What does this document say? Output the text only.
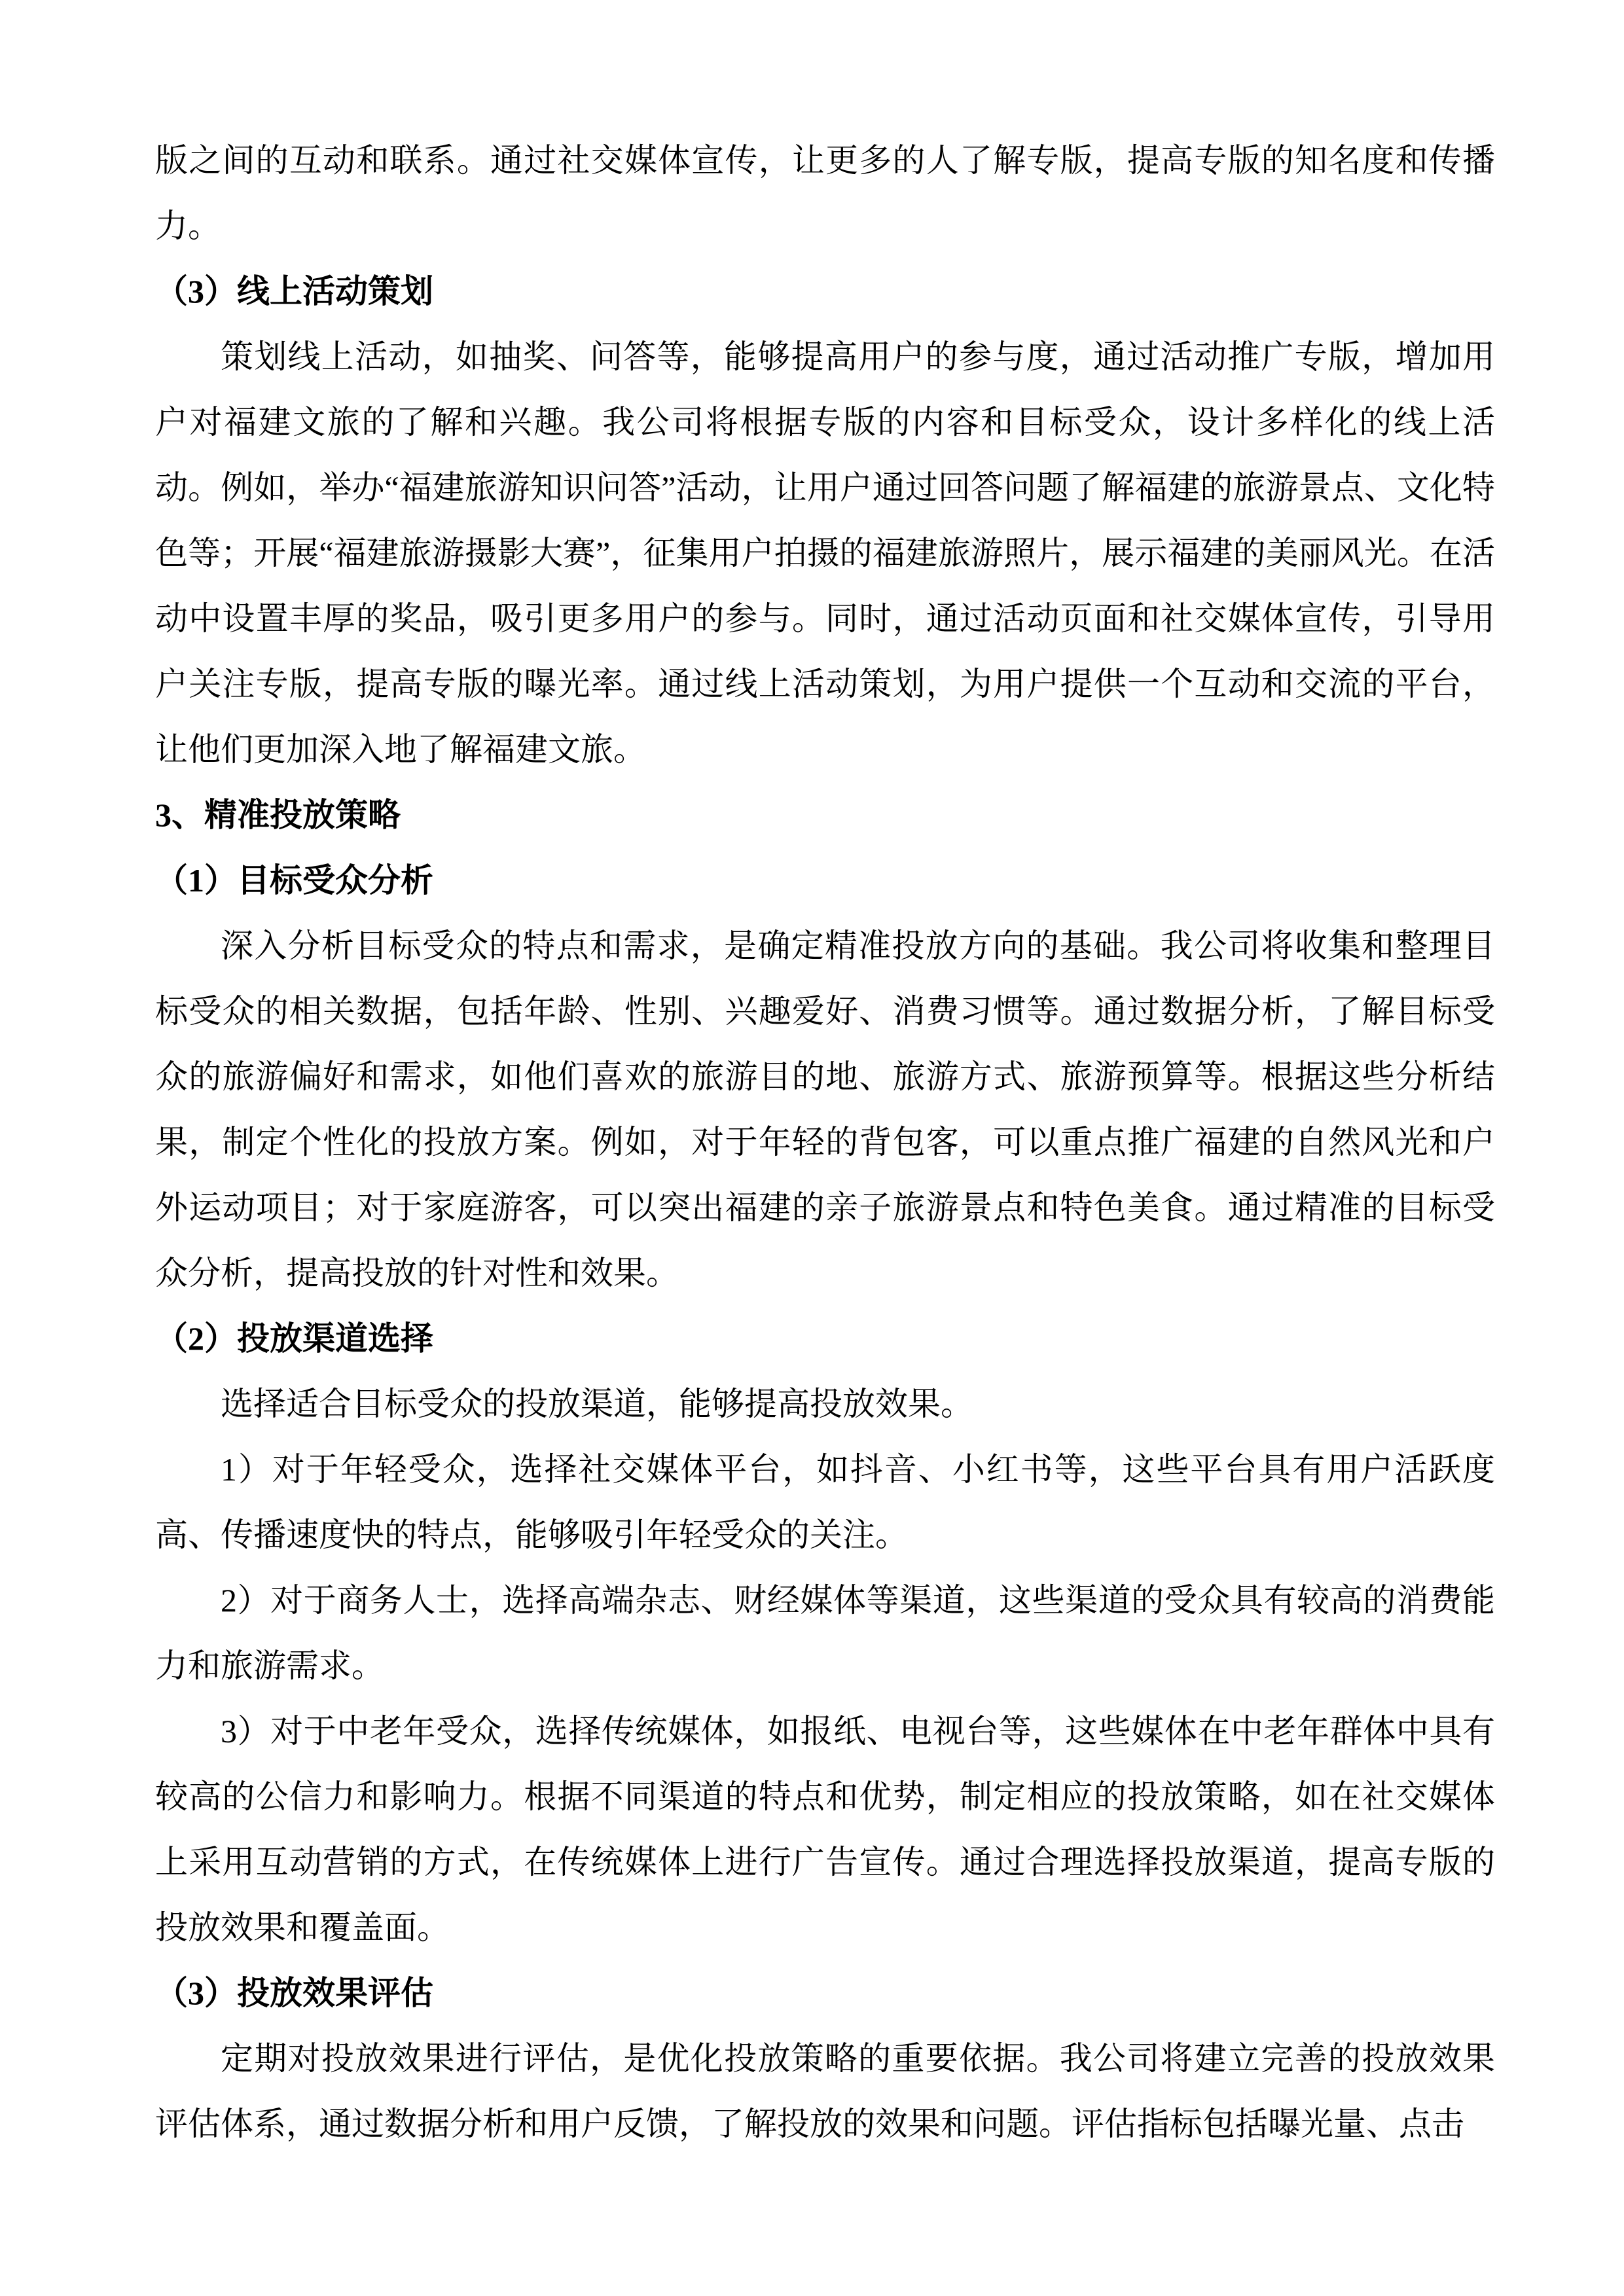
版之间的互动和联系。通过社交媒体宣传，让更多的人了解专版，提高专版的知名度和传播力。

（3）线上活动策划

策划线上活动，如抽奖、问答等，能够提高用户的参与度，通过活动推广专版，增加用户对福建文旅的了解和兴趣。我公司将根据专版的内容和目标受众，设计多样化的线上活动。例如，举办“福建旅游知识问答”活动，让用户通过回答问题了解福建的旅游景点、文化特色等；开展“福建旅游摄影大赛”，征集用户拍摄的福建旅游照片，展示福建的美丽风光。在活动中设置丰厚的奖品，吸引更多用户的参与。同时，通过活动页面和社交媒体宣传，引导用户关注专版，提高专版的曝光率。通过线上活动策划，为用户提供一个互动和交流的平台，让他们更加深入地了解福建文旅。

3、精准投放策略

（1）目标受众分析

深入分析目标受众的特点和需求，是确定精准投放方向的基础。我公司将收集和整理目标受众的相关数据，包括年龄、性别、兴趣爱好、消费习惯等。通过数据分析，了解目标受众的旅游偏好和需求，如他们喜欢的旅游目的地、旅游方式、旅游预算等。根据这些分析结果，制定个性化的投放方案。例如，对于年轻的背包客，可以重点推广福建的自然风光和户外运动项目；对于家庭游客，可以突出福建的亲子旅游景点和特色美食。通过精准的目标受众分析，提高投放的针对性和效果。

（2）投放渠道选择

选择适合目标受众的投放渠道，能够提高投放效果。

1）对于年轻受众，选择社交媒体平台，如抖音、小红书等，这些平台具有用户活跃度高、传播速度快的特点，能够吸引年轻受众的关注。

2）对于商务人士，选择高端杂志、财经媒体等渠道，这些渠道的受众具有较高的消费能力和旅游需求。

3）对于中老年受众，选择传统媒体，如报纸、电视台等，这些媒体在中老年群体中具有较高的公信力和影响力。根据不同渠道的特点和优势，制定相应的投放策略，如在社交媒体上采用互动营销的方式，在传统媒体上进行广告宣传。通过合理选择投放渠道，提高专版的投放效果和覆盖面。

（3）投放效果评估

定期对投放效果进行评估，是优化投放策略的重要依据。我公司将建立完善的投放效果评估体系，通过数据分析和用户反馈，了解投放的效果和问题。评估指标包括曝光量、点击
